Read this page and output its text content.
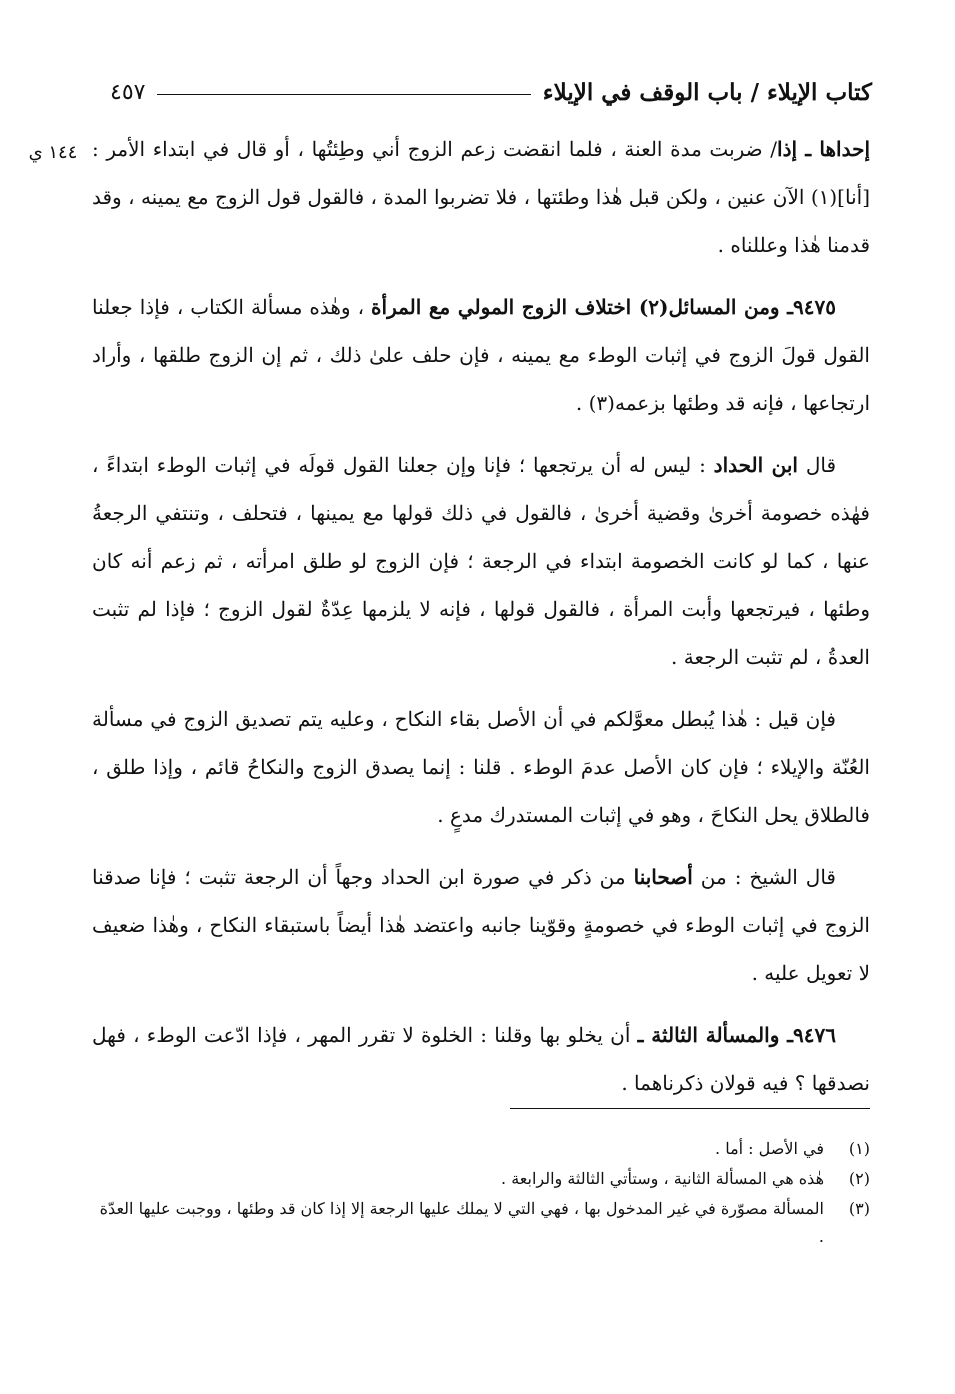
كتاب الإيلاء / باب الوقف في الإيلاء
٤٥٧
١٤٤ ي	إحداها ـ إذا/ ضربت مدة العنة ، فلما انقضت زعم الزوج أني وطِئتُها ، أو قال في ابتداء الأمر : [أنا](١) الآن عنين ، ولكن قبل هٰذا وطئتها ، فلا تضربوا المدة ، فالقول قول الزوج مع يمينه ، وقد قدمنا هٰذا وعللناه .

٩٤٧٥ـ ومن المسائل(٢) اختلاف الزوج المولي مع المرأة ، وهٰذه مسألة الكتاب ، فإذا جعلنا القول قولَ الزوج في إثبات الوطء مع يمينه ، فإن حلف علىٰ ذلك ، ثم إن الزوج طلقها ، وأراد ارتجاعها ، فإنه قد وطئها بزعمه(٣) .

قال ابن الحداد : ليس له أن يرتجعها ؛ فإنا وإن جعلنا القول قولَه في إثبات الوطء ابتداءً ، فهٰذه خصومة أخرىٰ وقضية أخرىٰ ، فالقول في ذلك قولها مع يمينها ، فتحلف ، وتنتفي الرجعةُ عنها ، كما لو كانت الخصومة ابتداء في الرجعة ؛ فإن الزوج لو طلق امرأته ، ثم زعم أنه كان وطئها ، فيرتجعها وأبت المرأة ، فالقول قولها ، فإنه لا يلزمها عِدّةٌ لقول الزوج ؛ فإذا لم تثبت العدةُ ، لم تثبت الرجعة .

فإن قيل : هٰذا يُبطل معوَّلكم في أن الأصل بقاء النكاح ، وعليه يتم تصديق الزوج في مسألة العُنّة والإيلاء ؛ فإن كان الأصل عدمَ الوطء . قلنا : إنما يصدق الزوج والنكاحُ قائم ، وإذا طلق ، فالطلاق يحل النكاحَ ، وهو في إثبات المستدرك مدعٍ .

قال الشيخ : من أصحابنا من ذكر في صورة ابن الحداد وجهاً أن الرجعة تثبت ؛ فإنا صدقنا الزوج في إثبات الوطء في خصومةٍ وقوّينا جانبه واعتضد هٰذا أيضاً باستبقاء النكاح ، وهٰذا ضعيف لا تعويل عليه .

٩٤٧٦ـ والمسألة الثالثة ـ أن يخلو بها وقلنا : الخلوة لا تقرر المهر ، فإذا ادّعت الوطء ، فهل نصدقها ؟ فيه قولان ذكرناهما .

(١)
في الأصل : أما .
(٢)
هٰذه هي المسألة الثانية ، وستأتي الثالثة والرابعة .
(٣)
المسألة مصوّرة في غير المدخول بها ، فهي التي لا يملك عليها الرجعة إلا إذا كان قد وطئها ، ووجبت عليها العدّة .
